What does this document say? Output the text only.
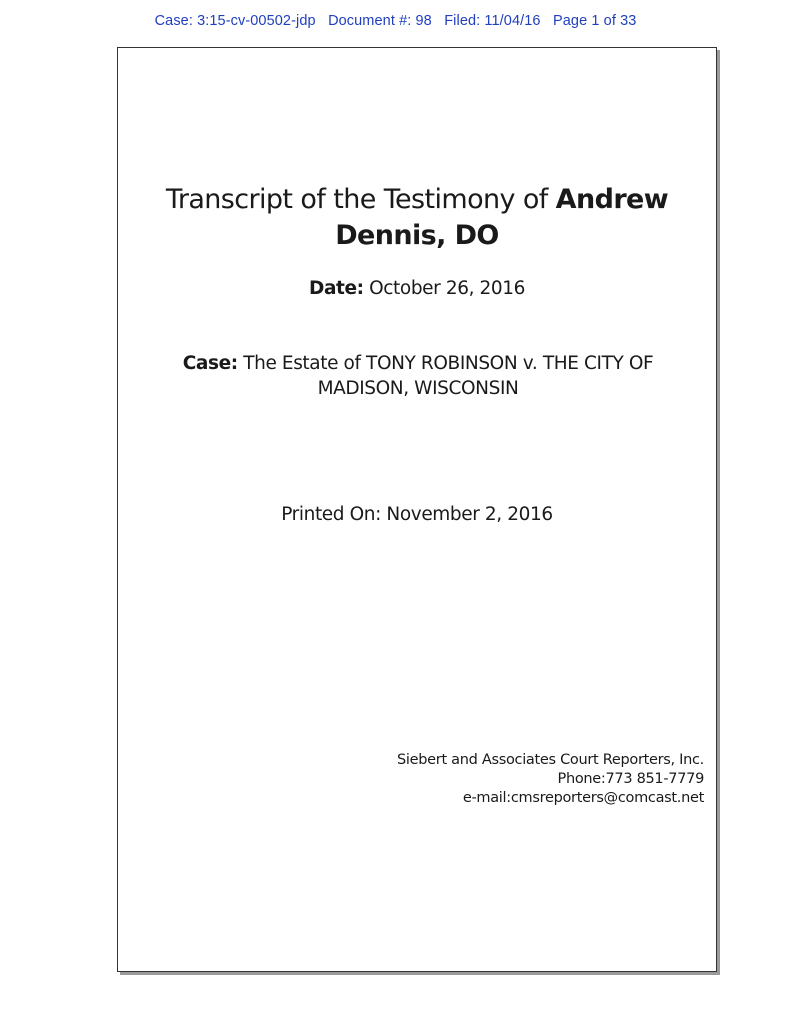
Case: 3:15-cv-00502-jdp Document #: 98 Filed: 11/04/16 Page 1 of 33
Transcript of the Testimony of Andrew
Dennis, DO
Date: October 26, 2016
Case: The Estate of TONY ROBINSON v. THE CITY OF
MADISON, WISCONSIN
Printed On: November 2, 2016
Siebert and Associates Court Reporters, Inc.
Phone:773 851-7779
e-mail:cmsreporters@comcast.net
